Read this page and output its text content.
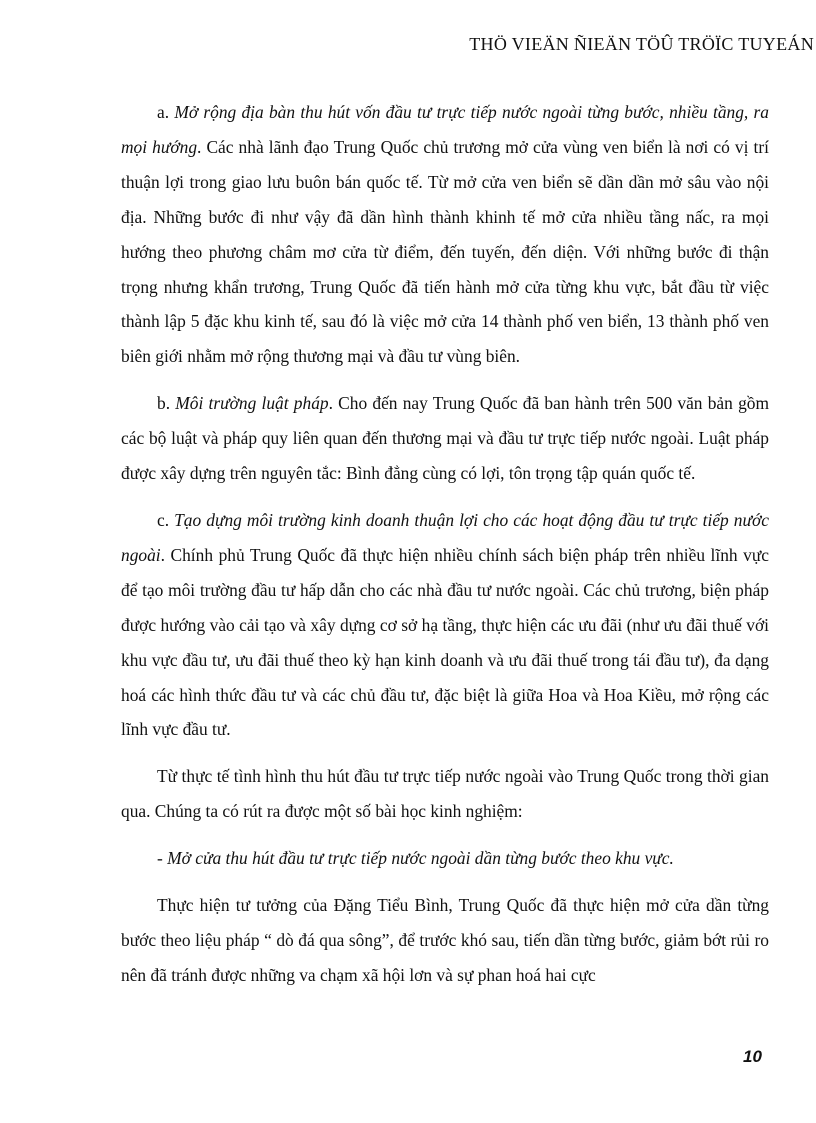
THÖ VIEÄN ÑIEÄN TÖÛ TRÖÏC TUYEÁN

a. Mở rộng địa bàn thu hút vốn đầu tư trực tiếp nước ngoài từng bước, nhiều tầng, ra mọi hướng. Các nhà lãnh đạo Trung Quốc chủ trương mở cửa vùng ven biển là nơi có vị trí thuận lợi trong giao lưu buôn bán quốc tế. Từ mở cửa ven biển sẽ dần dần mở sâu vào nội địa. Những bước đi như vậy đã dần hình thành khinh tế mở cửa nhiều tầng nấc, ra mọi hướng theo phương châm mơ cửa từ điểm, đến tuyến, đến diện. Với những bước đi thận trọng nhưng khẩn trương, Trung Quốc đã tiến hành mở cửa từng khu vực, bắt đầu từ việc thành lập 5 đặc khu kinh tế, sau đó là việc mở cửa 14 thành phố ven biển, 13 thành phố ven biên giới nhằm mở rộng thương mại và đầu tư vùng biên.

b. Môi trường luật pháp. Cho đến nay Trung Quốc đã ban hành trên 500 văn bản gồm các bộ luật và pháp quy liên quan đến thương mại và đầu tư trực tiếp nước ngoài. Luật pháp được xây dựng trên nguyên tắc: Bình đẳng cùng có lợi, tôn trọng tập quán quốc tế.

c. Tạo dựng môi trường kinh doanh thuận lợi cho các hoạt động đầu tư trực tiếp nước ngoài. Chính phủ Trung Quốc đã thực hiện nhiều chính sách biện pháp trên nhiều lĩnh vực để tạo môi trường đầu tư hấp dẫn cho các nhà đầu tư nước ngoài. Các chủ trương, biện pháp được hướng vào cải tạo và xây dựng cơ sở hạ tầng, thực hiện các ưu đãi (như ưu đãi thuế với khu vực đầu tư, ưu đãi thuế theo kỳ hạn kinh doanh và ưu đãi thuế trong tái đầu tư), đa dạng hoá các hình thức đầu tư và các chủ đầu tư, đặc biệt là giữa Hoa và Hoa Kiều, mở rộng các lĩnh vực đầu tư.

Từ thực tế tình hình thu hút đầu tư trực tiếp nước ngoài vào Trung Quốc trong thời gian qua. Chúng ta có rút ra được một số bài học kinh nghiệm:

- Mở cửa thu hút đầu tư trực tiếp nước ngoài dần từng bước theo khu vực.

Thực hiện tư tưởng của Đặng Tiểu Bình, Trung Quốc đã thực hiện mở cửa dần từng bước theo liệu pháp “ dò đá qua sông”, để trước khó sau, tiến dần từng bước, giảm bớt rủi ro nên đã tránh được những va chạm xã hội lơn và sự phan hoá hai cực

10
